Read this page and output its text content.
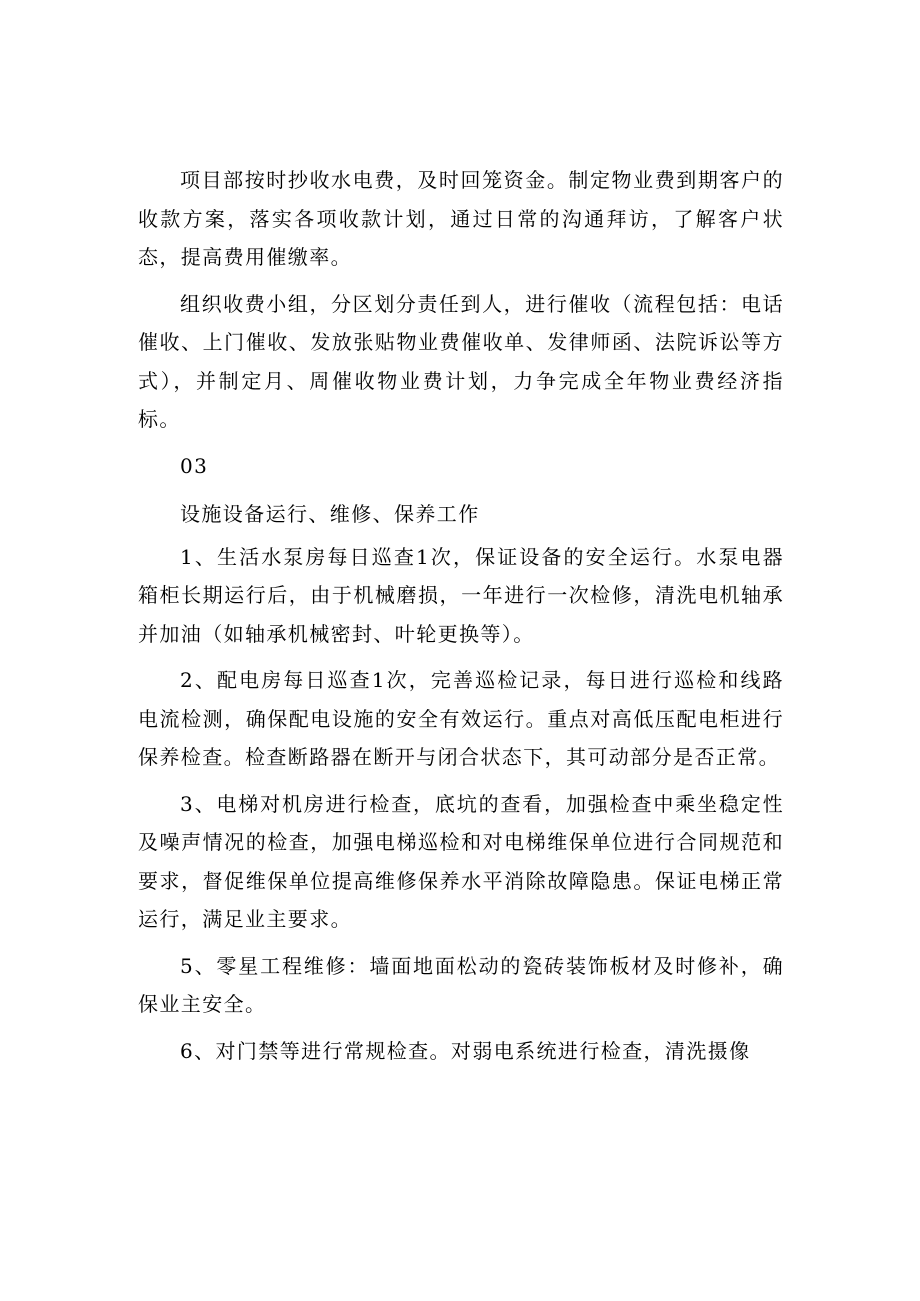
项目部按时抄收水电费，及时回笼资金。制定物业费到期客户的收款方案，落实各项收款计划，通过日常的沟通拜访，了解客户状态，提高费用催缴率。

组织收费小组，分区划分责任到人，进行催收（流程包括：电话催收、上门催收、发放张贴物业费催收单、发律师函、法院诉讼等方式），并制定月、周催收物业费计划，力争完成全年物业费经济指标。

03

设施设备运行、维修、保养工作

1、生活水泵房每日巡查1次，保证设备的安全运行。水泵电器箱柜长期运行后，由于机械磨损，一年进行一次检修，清洗电机轴承并加油（如轴承机械密封、叶轮更换等）。

2、配电房每日巡查1次，完善巡检记录，每日进行巡检和线路电流检测，确保配电设施的安全有效运行。重点对高低压配电柜进行保养检查。检查断路器在断开与闭合状态下，其可动部分是否正常。

3、电梯对机房进行检查，底坑的查看，加强检查中乘坐稳定性及噪声情况的检查，加强电梯巡检和对电梯维保单位进行合同规范和要求，督促维保单位提高维修保养水平消除故障隐患。保证电梯正常运行，满足业主要求。

5、零星工程维修：墙面地面松动的瓷砖装饰板材及时修补，确保业主安全。

6、对门禁等进行常规检查。对弱电系统进行检查，清洗摄像
